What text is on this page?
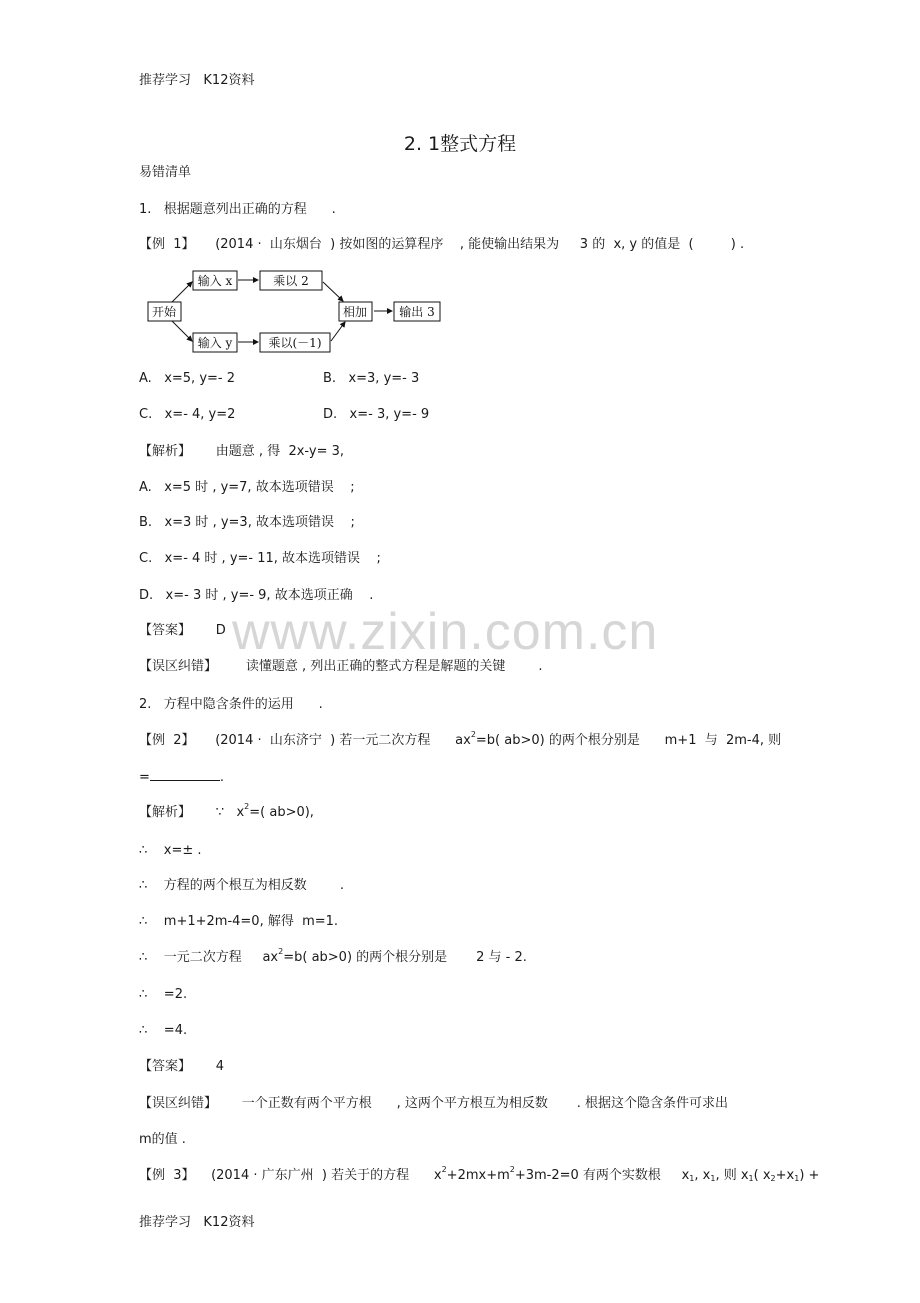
推荐学习   K12资料
2. 1整式方程
www.zixin.com.cn
易错清单
1.   根据题意列出正确的方程      .
【例  1】     (2014 ·  山东烟台  ) 按如图的运算程序    , 能使输出结果为     3 的  x, y 的值是  (         ) .
开始
输入 x	乘以 2
输入 y	乘以(－1)
相加	输出 3
A.   x=5, y=- 2	B.   x=3, y=- 3
C.   x=- 4, y=2	D.   x=- 3, y=- 9
【解析】      由题意 , 得  2x-y= 3,
A.   x=5 时 , y=7, 故本选项错误    ;
B.   x=3 时 , y=3, 故本选项错误    ;
C.   x=- 4 时 , y=- 11, 故本选项错误    ;
D.   x=- 3 时 , y=- 9, 故本选项正确    .
【答案】      D
【误区纠错】       读懂题意 , 列出正确的整式方程是解题的关键        .
2.   方程中隐含条件的运用      .
【例  2】     (2014 ·  山东济宁  ) 若一元二次方程      $ax^2=b$( ab>0) 的两个根分别是      m+1  与  2m-4, 则
=	.
【解析】      ∵   $x^2=$( ab>0),
∴    x=± .
∴    方程的两个根互为相反数        .
∴    m+1+2m-4=0, 解得  m=1.
∴    一元二次方程     $ax^2=b$( ab>0) 的两个根分别是       2 与 - 2.
∴    =2.
∴    =4.
【答案】      4
【误区纠错】      一个正数有两个平方根      , 这两个平方根互为相反数       . 根据这个隐含条件可求出
m的值 .
【例  3】    (2014 · 广东广州  ) 若关于的方程      $x^2+2mx+m^2+3m-2=0$ 有两个实数根     $x_1$, $x_1$, 则 $x_1$( $x_2+x_1$) +
推荐学习   K12资料
